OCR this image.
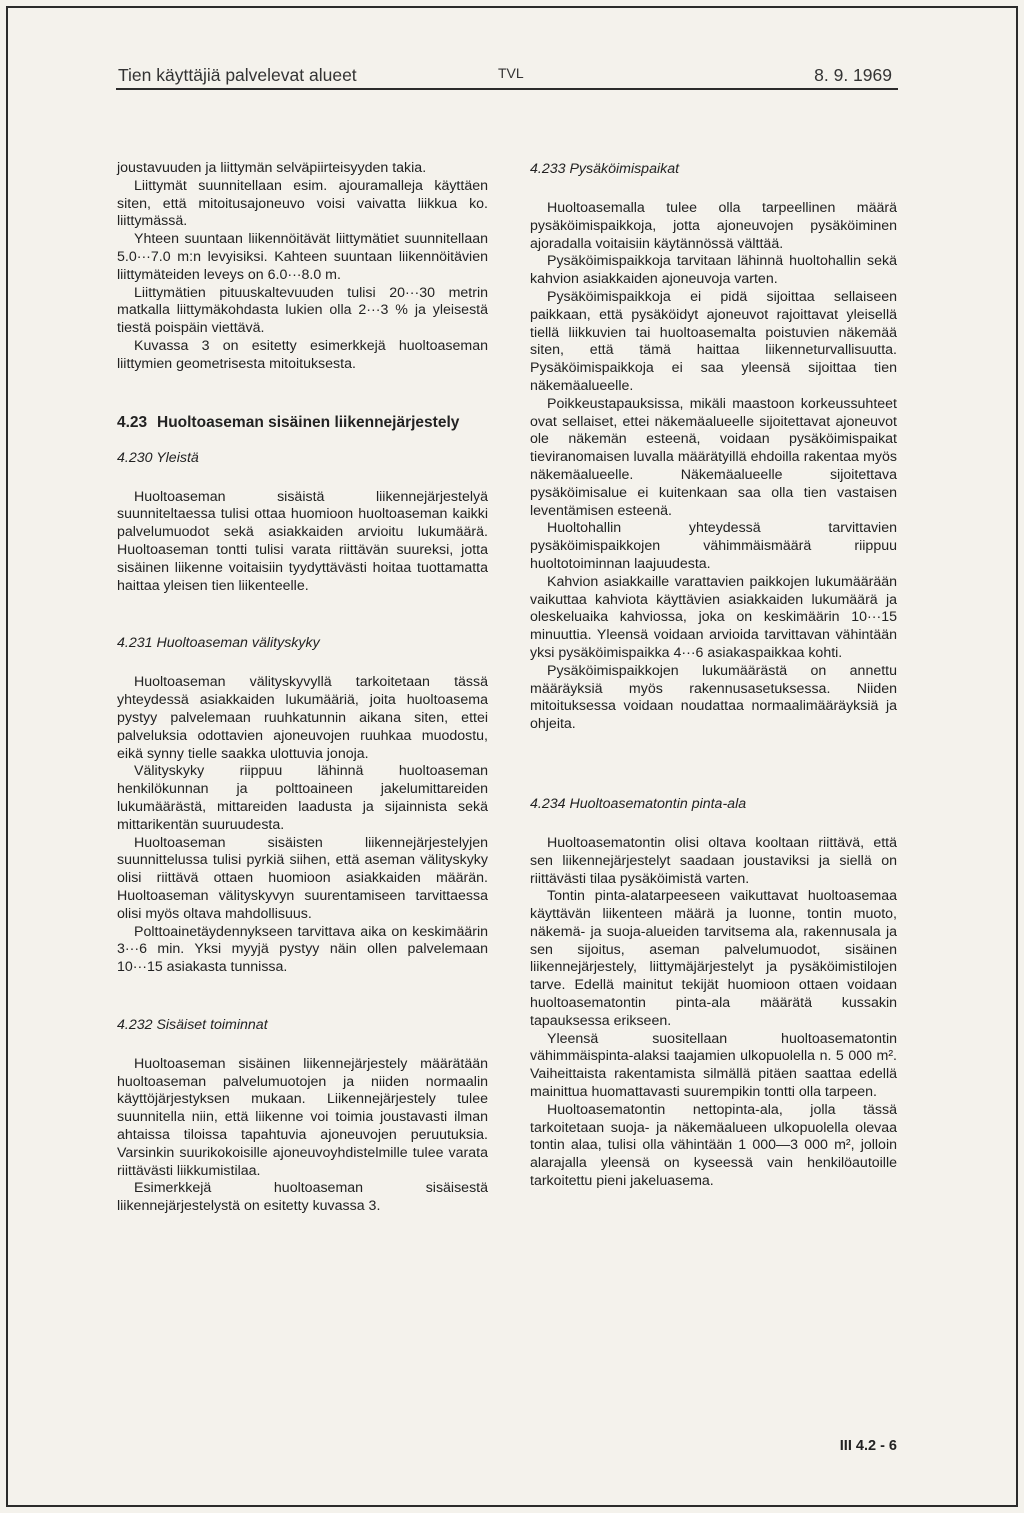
Tien käyttäjiä palvelevat alueet	TVL	8. 9. 1969

joustavuuden ja liittymän selväpiirteisyyden takia.

Liittymät suunnitellaan esim. ajouramalleja käyttäen siten, että mitoitusajoneuvo voisi vaivatta liikkua ko. liittymässä.

Yhteen suuntaan liikennöitävät liittymätiet suunnitellaan 5.0···7.0 m:n levyisiksi. Kahteen suuntaan liikennöitävien liittymäteiden leveys on 6.0···8.0 m.

Liittymätien pituuskaltevuuden tulisi 20···30 metrin matkalla liittymäkohdasta lukien olla 2···3 % ja yleisestä tiestä poispäin viettävä.

Kuvassa 3 on esitetty esimerkkejä huoltoaseman liittymien geometrisesta mitoituksesta.

4.23 Huoltoaseman sisäinen liikennejärjestely

4.230 Yleistä

Huoltoaseman sisäistä liikennejärjestelyä suunniteltaessa tulisi ottaa huomioon huoltoaseman kaikki palvelumuodot sekä asiakkaiden arvioitu lukumäärä. Huoltoaseman tontti tulisi varata riittävän suureksi, jotta sisäinen liikenne voitaisiin tyydyttävästi hoitaa tuottamatta haittaa yleisen tien liikenteelle.

4.231 Huoltoaseman välityskyky

Huoltoaseman välityskyvyllä tarkoitetaan tässä yhteydessä asiakkaiden lukumääriä, joita huoltoasema pystyy palvelemaan ruuhkatunnin aikana siten, ettei palveluksia odottavien ajoneuvojen ruuhkaa muodostu, eikä synny tielle saakka ulottuvia jonoja.

Välityskyky riippuu lähinnä huoltoaseman henkilökunnan ja polttoaineen jakelumittareiden lukumäärästä, mittareiden laadusta ja sijainnista sekä mittarikentän suuruudesta.

Huoltoaseman sisäisten liikennejärjestelyjen suunnittelussa tulisi pyrkiä siihen, että aseman välityskyky olisi riittävä ottaen huomioon asiakkaiden määrän. Huoltoaseman välityskyvyn suurentamiseen tarvittaessa olisi myös oltava mahdollisuus.

Polttoainetäydennykseen tarvittava aika on keskimäärin 3···6 min. Yksi myyjä pystyy näin ollen palvelemaan 10···15 asiakasta tunnissa.

4.232 Sisäiset toiminnat

Huoltoaseman sisäinen liikennejärjestely määrätään huoltoaseman palvelumuotojen ja niiden normaalin käyttöjärjestyksen mukaan. Liikennejärjestely tulee suunnitella niin, että liikenne voi toimia joustavasti ilman ahtaissa tiloissa tapahtuvia ajoneuvojen peruutuksia. Varsinkin suurikokoisille ajoneuvoyhdistelmille tulee varata riittävästi liikkumistilaa.

Esimerkkejä huoltoaseman sisäisestä liikennejärjestelystä on esitetty kuvassa 3.

4.233 Pysäköimispaikat

Huoltoasemalla tulee olla tarpeellinen määrä pysäköimispaikkoja, jotta ajoneuvojen pysäköiminen ajoradalla voitaisiin käytännössä välttää.

Pysäköimispaikkoja tarvitaan lähinnä huoltohallin sekä kahvion asiakkaiden ajoneuvoja varten.

Pysäköimispaikkoja ei pidä sijoittaa sellaiseen paikkaan, että pysäköidyt ajoneuvot rajoittavat yleisellä tiellä liikkuvien tai huoltoasemalta poistuvien näkemää siten, että tämä haittaa liikenneturvallisuutta. Pysäköimispaikkoja ei saa yleensä sijoittaa tien näkemäalueelle.

Poikkeustapauksissa, mikäli maastoon korkeussuhteet ovat sellaiset, ettei näkemäalueelle sijoitettavat ajoneuvot ole näkemän esteenä, voidaan pysäköimispaikat tieviranomaisen luvalla määrätyillä ehdoilla rakentaa myös näkemäalueelle. Näkemäalueelle sijoitettava pysäköimisalue ei kuitenkaan saa olla tien vastaisen leventämisen esteenä.

Huoltohallin yhteydessä tarvittavien pysäköimispaikkojen vähimmäismäärä riippuu huoltotoiminnan laajuudesta.

Kahvion asiakkaille varattavien paikkojen lukumäärään vaikuttaa kahviota käyttävien asiakkaiden lukumäärä ja oleskeluaika kahviossa, joka on keskimäärin 10···15 minuuttia. Yleensä voidaan arvioida tarvittavan vähintään yksi pysäköimispaikka 4···6 asiakaspaikkaa kohti.

Pysäköimispaikkojen lukumäärästä on annettu määräyksiä myös rakennusasetuksessa. Niiden mitoituksessa voidaan noudattaa normaalimääräyksiä ja ohjeita.

4.234 Huoltoasematontin pinta-ala

Huoltoasematontin olisi oltava kooltaan riittävä, että sen liikennejärjestelyt saadaan joustaviksi ja siellä on riittävästi tilaa pysäköimistä varten.

Tontin pinta-alatarpeeseen vaikuttavat huoltoasemaa käyttävän liikenteen määrä ja luonne, tontin muoto, näkemä- ja suoja-alueiden tarvitsema ala, rakennusala ja sen sijoitus, aseman palvelumuodot, sisäinen liikennejärjestely, liittymäjärjestelyt ja pysäköimistilojen tarve. Edellä mainitut tekijät huomioon ottaen voidaan huoltoasematontin pinta-ala määrätä kussakin tapauksessa erikseen.

Yleensä suositellaan huoltoasematontin vähimmäispinta-alaksi taajamien ulkopuolella n. 5 000 m². Vaiheittaista rakentamista silmällä pitäen saattaa edellä mainittua huomattavasti suurempikin tontti olla tarpeen.

Huoltoasematontin nettopinta-ala, jolla tässä tarkoitetaan suoja- ja näkemäalueen ulkopuolella olevaa tontin alaa, tulisi olla vähintään 1 000—3 000 m², jolloin alarajalla yleensä on kyseessä vain henkilöautoille tarkoitettu pieni jakeluasema.

III 4.2 - 6
